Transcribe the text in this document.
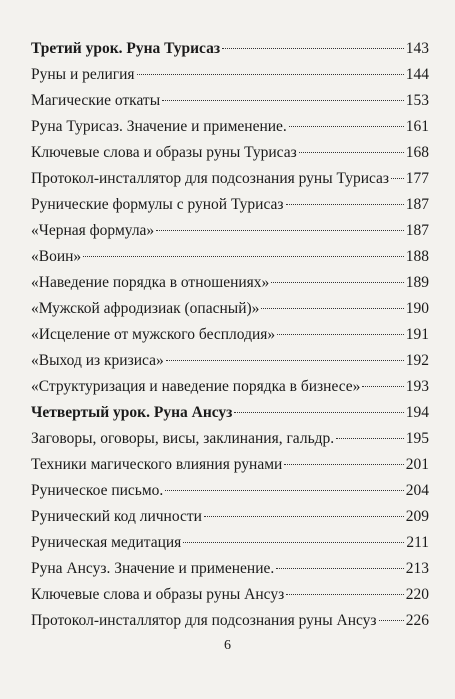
Третий урок. Руна Турисаз	143
Руны и религия	144
Магические откаты	153
Руна Турисаз. Значение и применение.	161
Ключевые слова и образы руны Турисаз	168
Протокол-инсталлятор для подсознания руны Турисаз 177
Рунические формулы с руной Турисаз	187
«Черная формула»	187
«Воин»	188
«Наведение порядка в отношениях»	189
«Мужской афродизиак (опасный)»	190
«Исцеление от мужского бесплодия»	191
«Выход из кризиса»	192
«Структуризация и наведение порядка в бизнесе»	193
Четвертый урок. Руна Ансуз	194
Заговоры, оговоры, висы, заклинания, гальдр.	195
Техники магического влияния рунами	201
Руническое письмо.	204
Рунический код личности	209
Руническая медитация	211
Руна Ансуз. Значение и применение.	213
Ключевые слова и образы руны Ансуз	220
Протокол-инсталлятор для подсознания руны Ансуз 226
6
